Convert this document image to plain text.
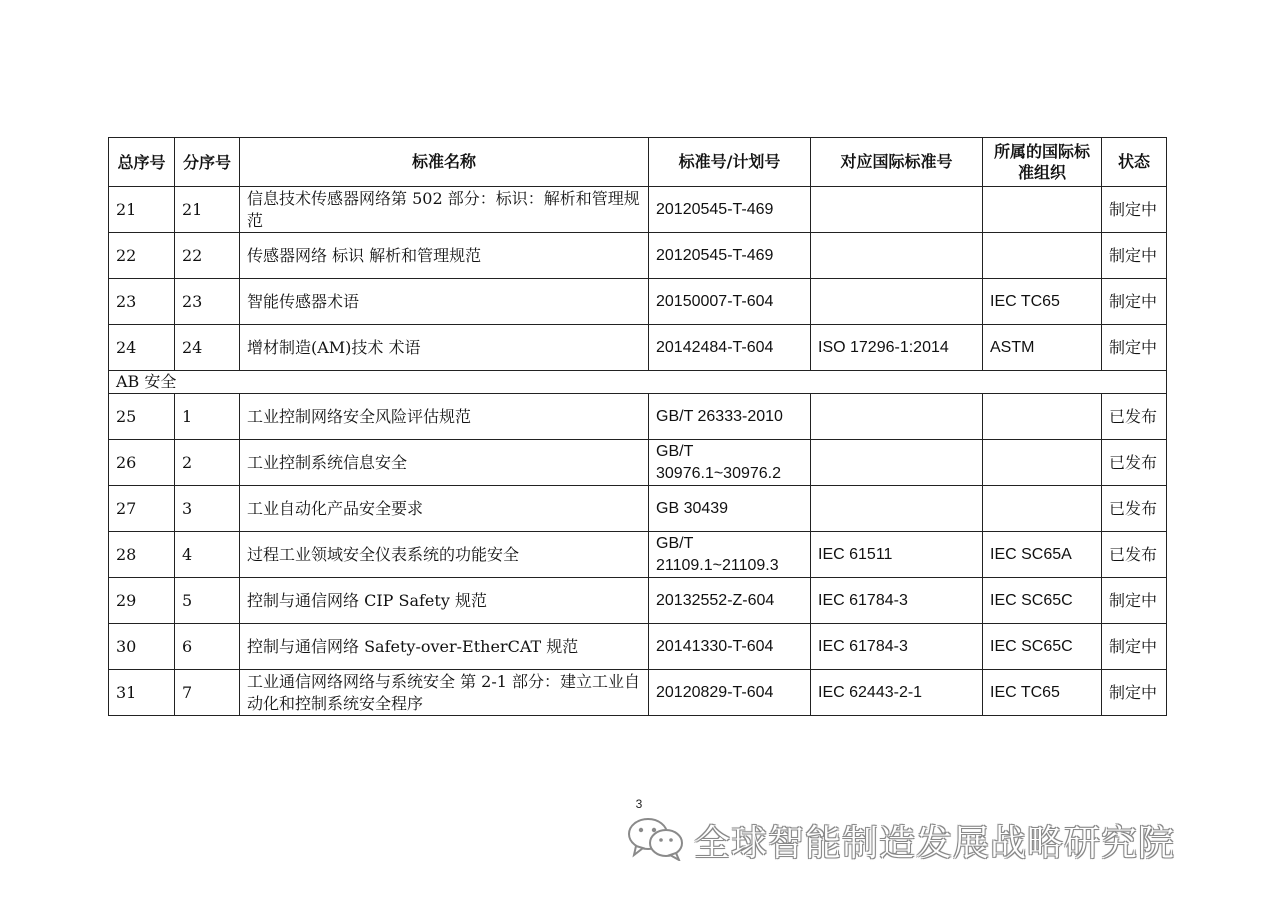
总序号	分序号	标准名称	标准号/计划号	对应国际标准号	所属的国际标准组织	状态
21	21	信息技术传感器网络第 502 部分：标识：解析和管理规范	20120545-T-469			制定中
22	22	传感器网络 标识 解析和管理规范	20120545-T-469			制定中
23	23	智能传感器术语	20150007-T-604		IEC TC65	制定中
24	24	增材制造(AM)技术 术语	20142484-T-604	ISO 17296-1:2014	ASTM	制定中
AB 安全						
25	1	工业控制网络安全风险评估规范	GB/T 26333-2010			已发布
26	2	工业控制系统信息安全	GB/T 30976.1~30976.2			已发布
27	3	工业自动化产品安全要求	GB 30439			已发布
28	4	过程工业领域安全仪表系统的功能安全	GB/T 21109.1~21109.3	IEC 61511	IEC SC65A	已发布
29	5	控制与通信网络 CIP Safety 规范	20132552-Z-604	IEC 61784-3	IEC SC65C	制定中
30	6	控制与通信网络 Safety-over-EtherCAT 规范	20141330-T-604	IEC 61784-3	IEC SC65C	制定中
31	7	工业通信网络网络与系统安全 第 2-1 部分：建立工业自动化和控制系统安全程序	20120829-T-604	IEC 62443-2-1	IEC TC65	制定中
3
全球智能制造发展战略研究院
